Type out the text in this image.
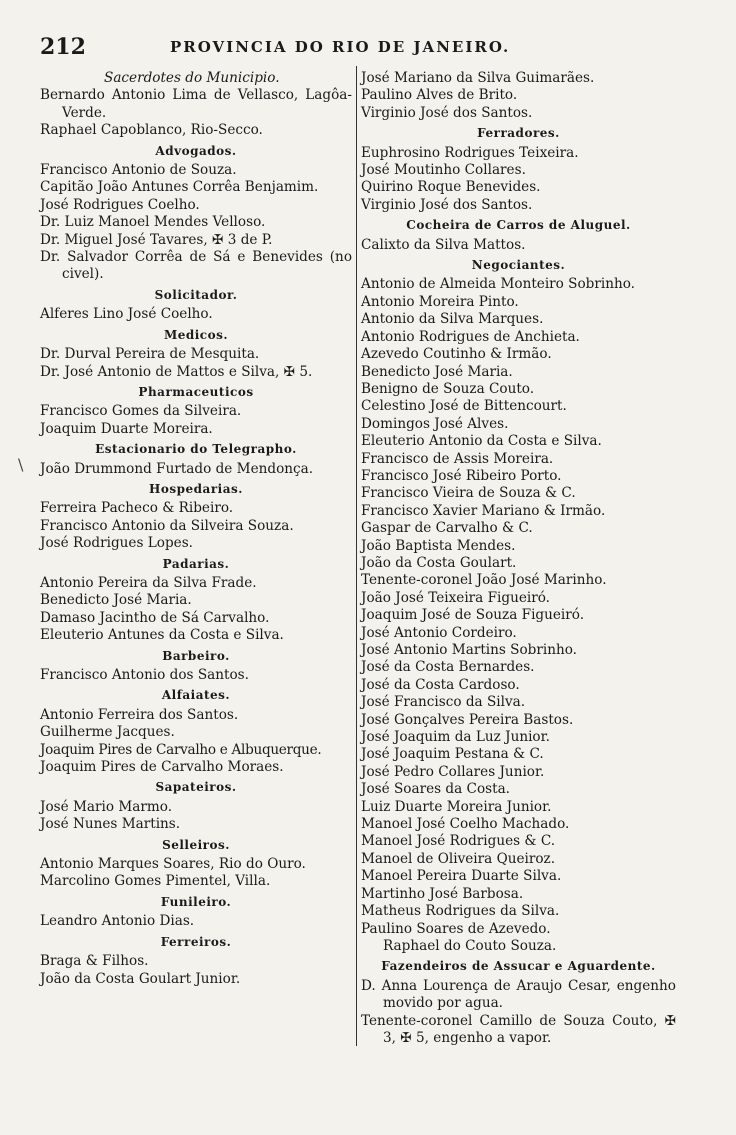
212	PROVINCIA DO RIO DE JANEIRO.
\
Sacerdotes do Municipio.
Bernardo Antonio Lima de Vellasco, Lagôa-Verde.
Raphael Capoblanco, Rio-Secco.
Advogados.
Francisco Antonio de Souza.
Capitão João Antunes Corrêa Benjamim.
José Rodrigues Coelho.
Dr. Luiz Manoel Mendes Velloso.
Dr. Miguel José Tavares, ✠ 3 de P.
Dr. Salvador Corrêa de Sá e Benevides (no civel).
Solicitador.
Alferes Lino José Coelho.
Medicos.
Dr. Durval Pereira de Mesquita.
Dr. José Antonio de Mattos e Silva, ✠ 5.
Pharmaceuticos
Francisco Gomes da Silveira.
Joaquim Duarte Moreira.
Estacionario do Telegrapho.
João Drummond Furtado de Mendonça.
Hospedarias.
Ferreira Pacheco & Ribeiro.
Francisco Antonio da Silveira Souza.
José Rodrigues Lopes.
Padarias.
Antonio Pereira da Silva Frade.
Benedicto José Maria.
Damaso Jacintho de Sá Carvalho.
Eleuterio Antunes da Costa e Silva.
Barbeiro.
Francisco Antonio dos Santos.
Alfaiates.
Antonio Ferreira dos Santos.
Guilherme Jacques.
Joaquim Pires de Carvalho e Albuquerque.
Joaquim Pires de Carvalho Moraes.
Sapateiros.
José Mario Marmo.
José Nunes Martins.
Selleiros.
Antonio Marques Soares, Rio do Ouro.
Marcolino Gomes Pimentel, Villa.
Funileiro.
Leandro Antonio Dias.
Ferreiros.
Braga & Filhos.
João da Costa Goulart Junior.
José Mariano da Silva Guimarães.
Paulino Alves de Brito.
Virginio José dos Santos.
Ferradores.
Euphrosino Rodrigues Teixeira.
José Moutinho Collares.
Quirino Roque Benevides.
Virginio José dos Santos.
Cocheira de Carros de Aluguel.
Calixto da Silva Mattos.
Negociantes.
Antonio de Almeida Monteiro Sobrinho.
Antonio Moreira Pinto.
Antonio da Silva Marques.
Antonio Rodrigues de Anchieta.
Azevedo Coutinho & Irmão.
Benedicto José Maria.
Benigno de Souza Couto.
Celestino José de Bittencourt.
Domingos José Alves.
Eleuterio Antonio da Costa e Silva.
Francisco de Assis Moreira.
Francisco José Ribeiro Porto.
Francisco Vieira de Souza & C.
Francisco Xavier Mariano & Irmão.
Gaspar de Carvalho & C.
João Baptista Mendes.
João da Costa Goulart.
Tenente-coronel João José Marinho.
João José Teixeira Figueiró.
Joaquim José de Souza Figueiró.
José Antonio Cordeiro.
José Antonio Martins Sobrinho.
José da Costa Bernardes.
José da Costa Cardoso.
José Francisco da Silva.
José Gonçalves Pereira Bastos.
José Joaquim da Luz Junior.
José Joaquim Pestana & C.
José Pedro Collares Junior.
José Soares da Costa.
Luiz Duarte Moreira Junior.
Manoel José Coelho Machado.
Manoel José Rodrigues & C.
Manoel de Oliveira Queiroz.
Manoel Pereira Duarte Silva.
Martinho José Barbosa.
Matheus Rodrigues da Silva.
Paulino Soares de Azevedo.
Raphael do Couto Souza.
Fazendeiros de Assucar e Aguardente.
D. Anna Lourença de Araujo Cesar, engenho movido por agua.
Tenente-coronel Camillo de Souza Couto, ✠ 3, ✠ 5, engenho a vapor.
